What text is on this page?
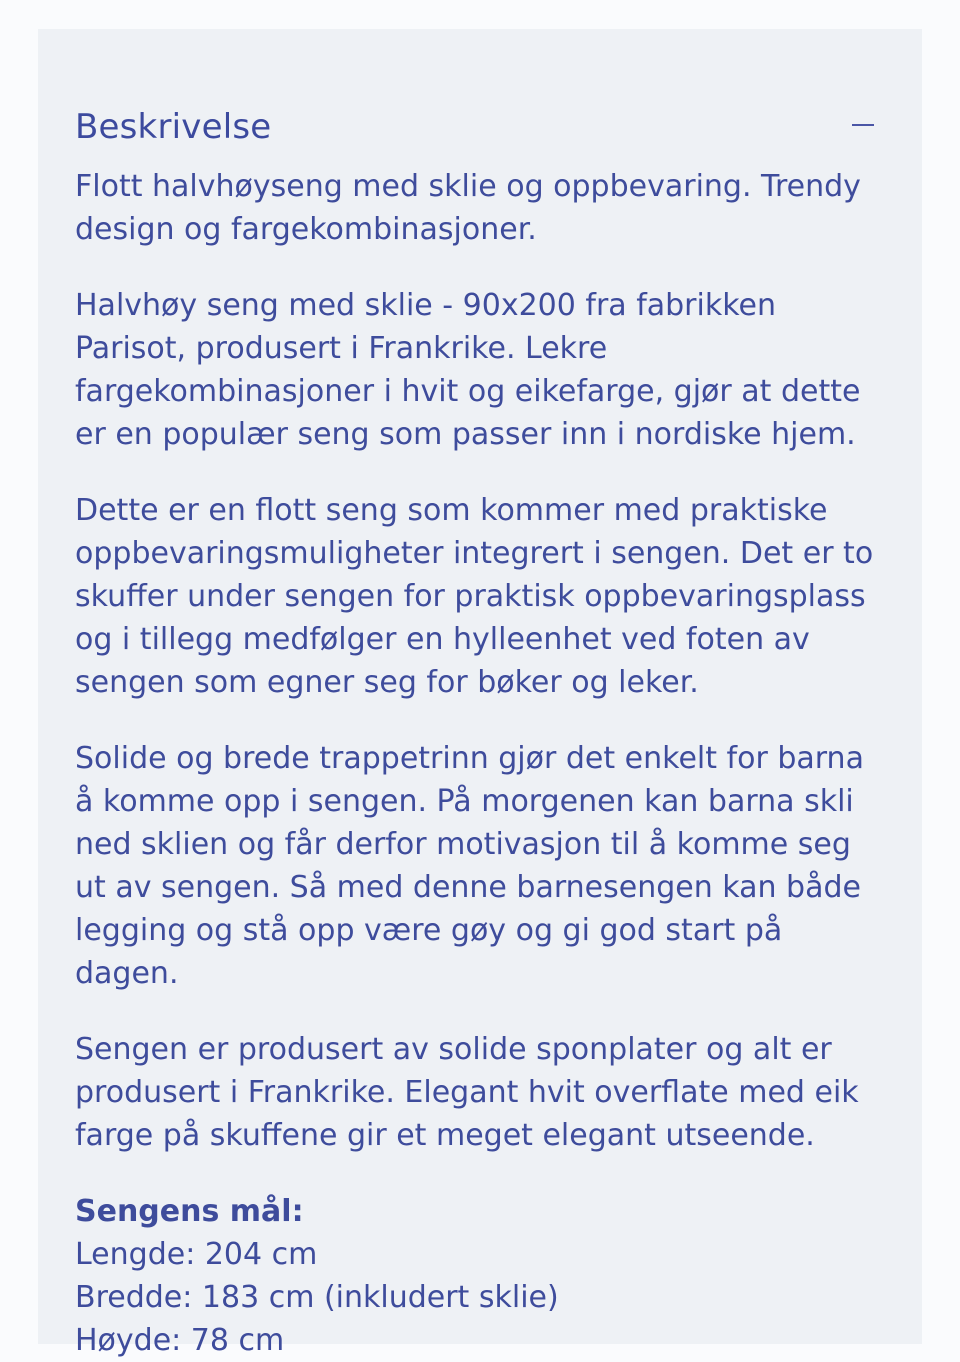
Beskrivelse

Flott halvhøyseng med sklie og oppbevaring. Trendy design og fargekombinasjoner.

Halvhøy seng med sklie - 90x200 fra fabrikken Parisot, produsert i Frankrike. Lekre fargekombinasjoner i hvit og eikefarge, gjør at dette er en populær seng som passer inn i nordiske hjem.

Dette er en flott seng som kommer med praktiske oppbevaringsmuligheter integrert i sengen. Det er to skuffer under sengen for praktisk oppbevaringsplass og i tillegg medfølger en hylleenhet ved foten av sengen som egner seg for bøker og leker.

Solide og brede trappetrinn gjør det enkelt for barna å komme opp i sengen. På morgenen kan barna skli ned sklien og får derfor motivasjon til å komme seg ut av sengen. Så med denne barnesengen kan både legging og stå opp være gøy og gi god start på dagen.

Sengen er produsert av solide sponplater og alt er produsert i Frankrike. Elegant hvit overflate med eik farge på skuffene gir et meget elegant utseende.

Sengens mål:

Lengde: 204 cm

Bredde: 183 cm (inkludert sklie)

Høyde: 78 cm
